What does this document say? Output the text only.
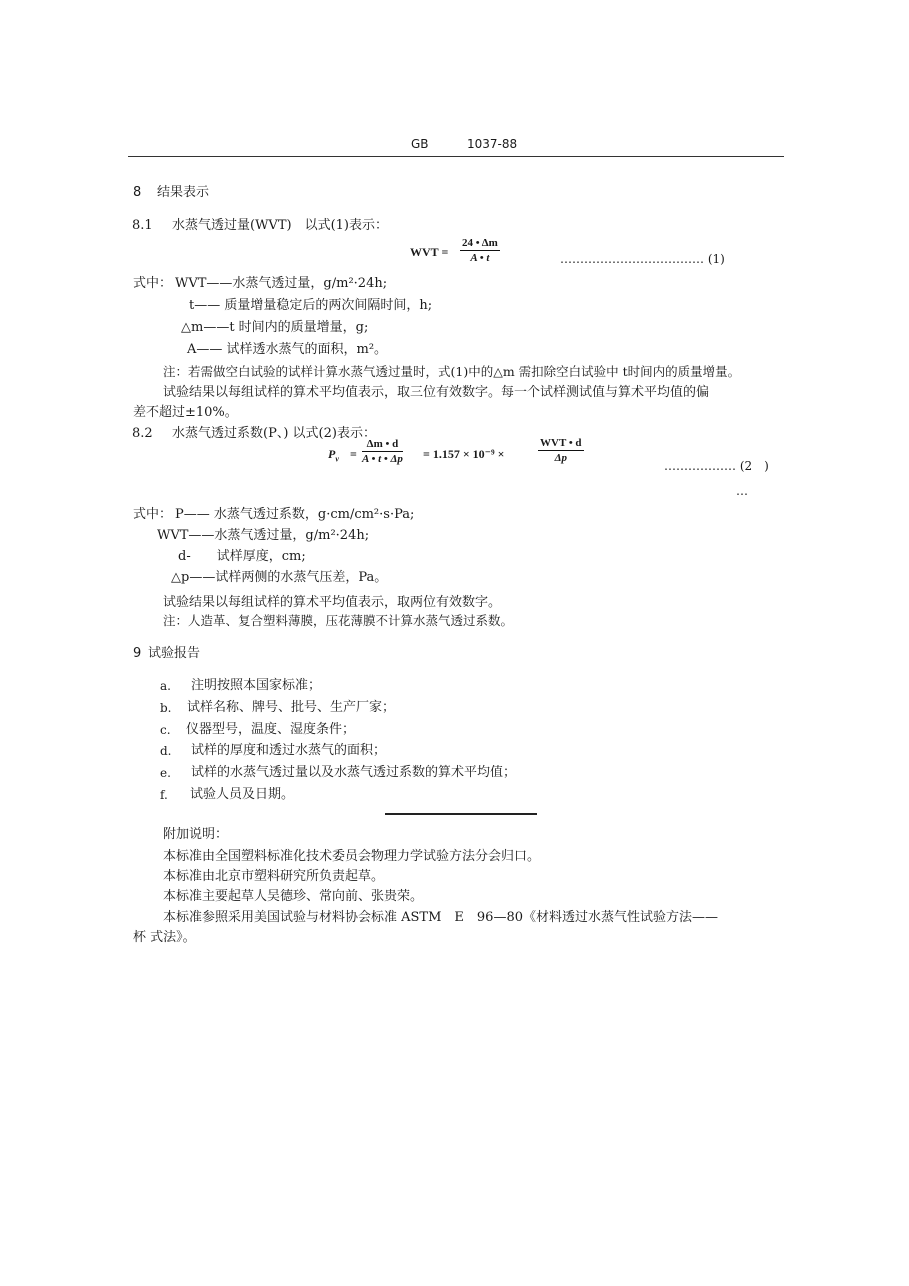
GB	1037-88
8 结果表示
8.1 水蒸气透过量(WVT)　以式(1)表示：
WVT = $\frac{24 • \Delta m}{A • t}$	……………………………… (1)
式中： WVT——水蒸气透过量，g/m²·24h;
t—— 质量增量稳定后的两次间隔时间，h;
△m——t 时间内的质量增量，g;
A—— 试样透水蒸气的面积，m²。
注：若需做空白试验的试样计算水蒸气透过量时，式(1)中的△m 需扣除空白试验中 t时间内的质量增量。
试验结果以每组试样的算术平均值表示，取三位有效数字。每一个试样测试值与算术平均值的偏
差不超过±10%。
8.2 水蒸气透过系数(P、) 以式(2)表示：
$P_v = \frac{\Delta m • d}{A • t • \Delta p} = 1.157 \times 10^{-9}$ ×
WVT • d
Δp
……………… (2　)
…
式中： P—— 水蒸气透过系数，g·cm/cm²·s·Pa;
WVT——水蒸气透过量，g/m²·24h;
d-　　试样厚度，cm;
△p——试样两侧的水蒸气压差，Pa。
试验结果以每组试样的算术平均值表示，取两位有效数字。
注：人造革、复合塑料薄膜，压花薄膜不计算水蒸气透过系数。
9 试验报告
a. 注明按照本国家标准；
b. 试样名称、牌号、批号、生产厂家；
c. 仪器型号，温度、湿度条件；
d. 试样的厚度和透过水蒸气的面积；
e. 试样的水蒸气透过量以及水蒸气透过系数的算术平均值；
f. 试验人员及日期。
附加说明：
本标准由全国塑料标准化技术委员会物理力学试验方法分会归口。
本标准由北京市塑料研究所负责起草。
本标准主要起草人吴德珍、常向前、张贵荣。
本标准参照采用美国试验与材料协会标准 ASTM　E　96—80《材料透过水蒸气性试验方法——
杯 式法》。
